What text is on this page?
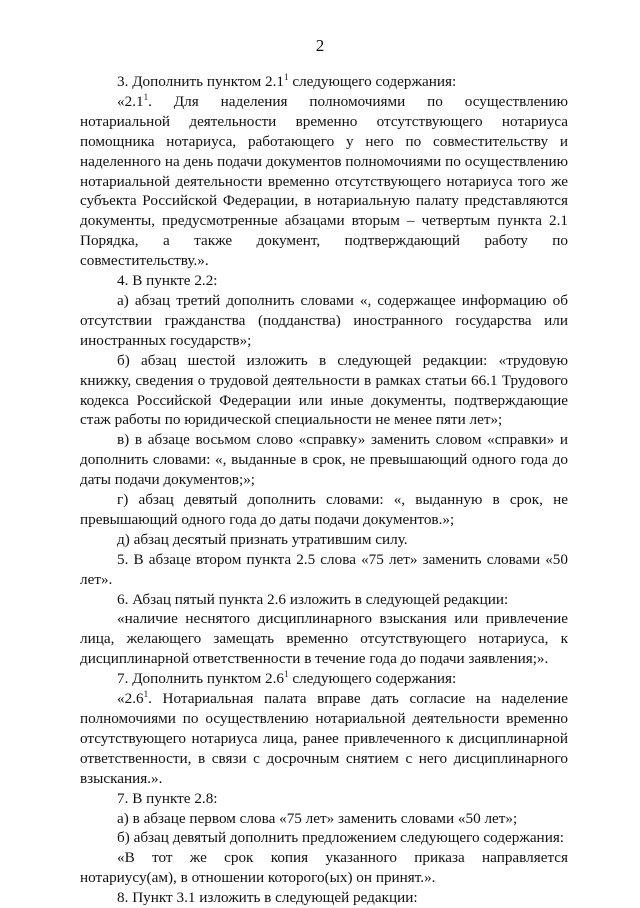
2

3. Дополнить пунктом $2.1^1$ следующего содержания:

«$2.1^1$. Для наделения полномочиями по осуществлению нотариальной деятельности временно отсутствующего нотариуса помощника нотариуса, работающего у него по совместительству и наделенного на день подачи документов полномочиями по осуществлению нотариальной деятельности временно отсутствующего нотариуса того же субъекта Российской Федерации, в нотариальную палату представляются документы, предусмотренные абзацами вторым – четвертым пункта 2.1 Порядка, а также документ, подтверждающий работу по совместительству.».

4. В пункте 2.2:

а) абзац третий дополнить словами «, содержащее информацию об отсутствии гражданства (подданства) иностранного государства или иностранных государств»;

б) абзац шестой изложить в следующей редакции: «трудовую книжку, сведения о трудовой деятельности в рамках статьи 66.1 Трудового кодекса Российской Федерации или иные документы, подтверждающие стаж работы по юридической специальности не менее пяти лет»;

в) в абзаце восьмом слово «справку» заменить словом «справки» и дополнить словами: «, выданные в срок, не превышающий одного года до даты подачи документов;»;

г) абзац девятый дополнить словами: «, выданную в срок, не превышающий одного года до даты подачи документов.»;

д) абзац десятый признать утратившим силу.

5. В абзаце втором пункта 2.5 слова «75 лет» заменить словами «50 лет».

6. Абзац пятый пункта 2.6 изложить в следующей редакции:

«наличие неснятого дисциплинарного взыскания или привлечение лица, желающего замещать временно отсутствующего нотариуса, к дисциплинарной ответственности в течение года до подачи заявления;».

7. Дополнить пунктом $2.6^1$ следующего содержания:

«$2.6^1$. Нотариальная палата вправе дать согласие на наделение полномочиями по осуществлению нотариальной деятельности временно отсутствующего нотариуса лица, ранее привлеченного к дисциплинарной ответственности, в связи с досрочным снятием с него дисциплинарного взыскания.».

7. В пункте 2.8:

а) в абзаце первом слова «75 лет» заменить словами «50 лет»;

б) абзац девятый дополнить предложением следующего содержания:

«В тот же срок копия указанного приказа направляется нотариусу(ам), в отношении которого(ых) он принят.».

8. Пункт 3.1 изложить в следующей редакции:
